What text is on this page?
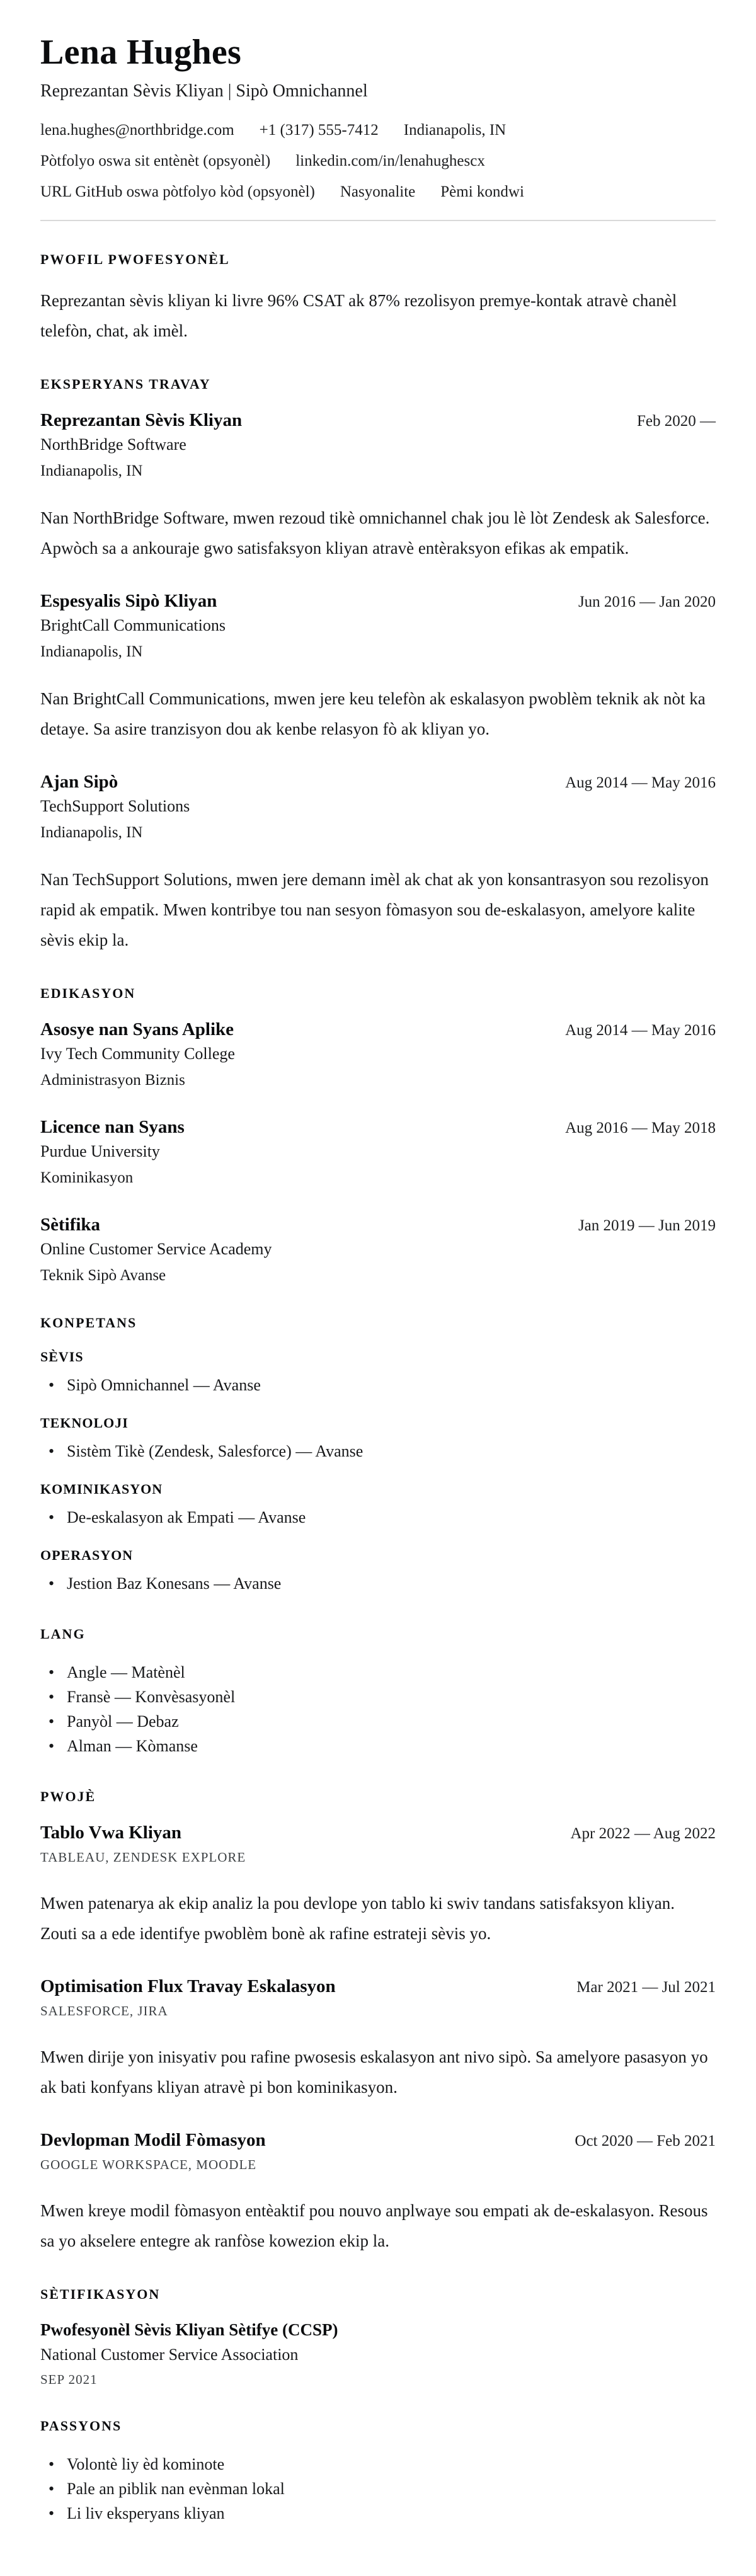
Lena Hughes

Reprezantan Sèvis Kliyan | Sipò Omnichannel

lena.hughes@northbridge.com +1 (317) 555-7412 Indianapolis, IN
Pòtfolyo oswa sit entènèt (opsyonèl) linkedin.com/in/lenahughescx
URL GitHub oswa pòtfolyo kòd (opsyonèl) Nasyonalite Pèmi kondwi
PWOFIL PWOFESYONÈL

Reprezantan sèvis kliyan ki livre 96% CSAT ak 87% rezolisyon premye-kontak atravè chanèl telefòn, chat, ak imèl.

EKSPERYANS TRAVAY
Reprezantan Sèvis Kliyan	Feb 2020 —

NorthBridge Software

Indianapolis, IN

Nan NorthBridge Software, mwen rezoud tikè omnichannel chak jou lè lòt Zendesk ak Salesforce. Apwòch sa a ankouraje gwo satisfaksyon kliyan atravè entèraksyon efikas ak empatik.

Espesyalis Sipò Kliyan	Jun 2016 — Jan 2020

BrightCall Communications

Indianapolis, IN

Nan BrightCall Communications, mwen jere keu telefòn ak eskalasyon pwoblèm teknik ak nòt ka detaye. Sa asire tranzisyon dou ak kenbe relasyon fò ak kliyan yo.

Ajan Sipò	Aug 2014 — May 2016

TechSupport Solutions

Indianapolis, IN

Nan TechSupport Solutions, mwen jere demann imèl ak chat ak yon konsantrasyon sou rezolisyon rapid ak empatik. Mwen kontribye tou nan sesyon fòmasyon sou de-eskalasyon, amelyore kalite sèvis ekip la.

EDIKASYON
Asosye nan Syans Aplike	Aug 2014 — May 2016

Ivy Tech Community College

Administrasyon Biznis

Licence nan Syans	Aug 2016 — May 2018

Purdue University

Kominikasyon

Sètifika	Jan 2019 — Jun 2019

Online Customer Service Academy

Teknik Sipò Avanse

KONPETANS
SÈVIS
• Sipò Omnichannel — Avanse
TEKNOLOJI
• Sistèm Tikè (Zendesk, Salesforce) — Avanse
KOMINIKASYON
• De-eskalasyon ak Empati — Avanse
OPERASYON
• Jestion Baz Konesans — Avanse
LANG
• Angle — Matènèl
• Fransè — Konvèsasyonèl
• Panyòl — Debaz
• Alman — Kòmanse
PWOJÈ
Tablo Vwa Kliyan	Apr 2022 — Aug 2022

TABLEAU, ZENDESK EXPLORE

Mwen patenarya ak ekip analiz la pou devlope yon tablo ki swiv tandans satisfaksyon kliyan. Zouti sa a ede identifye pwoblèm bonè ak rafine estrateji sèvis yo.

Optimisation Flux Travay Eskalasyon	Mar 2021 — Jul 2021

SALESFORCE, JIRA

Mwen dirije yon inisyativ pou rafine pwosesis eskalasyon ant nivo sipò. Sa amelyore pasasyon yo ak bati konfyans kliyan atravè pi bon kominikasyon.

Devlopman Modil Fòmasyon	Oct 2020 — Feb 2021

GOOGLE WORKSPACE, MOODLE

Mwen kreye modil fòmasyon entèaktif pou nouvo anplwaye sou empati ak de-eskalasyon. Resous sa yo akselere entegre ak ranfòse kowezion ekip la.

SÈTIFIKASYON
Pwofesyonèl Sèvis Kliyan Sètifye (CCSP)

National Customer Service Association

SEP 2021

PASSYONS
• Volontè liy èd kominote
• Pale an piblik nan evènman lokal
• Li liv eksperyans kliyan
